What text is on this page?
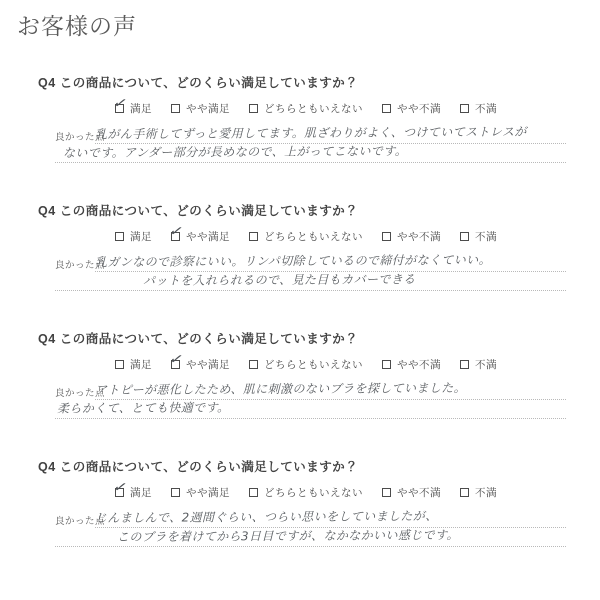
お客様の声
Q4 この商品について、どのくらい満足していますか？
✓ 満足	やや満足	どちらともいえない	やや不満	不満
良かった点
乳がん手術してずっと愛用してます。肌ざわりがよく、つけていてストレスが
ないです。アンダー部分が長めなので、上がってこないです。
Q4 この商品について、どのくらい満足していますか？
満足 ✓ やや満足	どちらともいえない	やや不満	不満
良かった点
乳ガンなので診察にいい。リンパ切除しているので締付がなくていい。
パットを入れられるので、見た目もカバーできる
Q4 この商品について、どのくらい満足していますか？
満足 ✓ やや満足	どちらともいえない	やや不満	不満
良かった点
アトピーが悪化したため、肌に刺激のないブラを探していました。
柔らかくて、とても快適です。
Q4 この商品について、どのくらい満足していますか？
✓ 満足	やや満足	どちらともいえない	やや不満	不満
良かった点
じんましんで、2週間ぐらい、つらい思いをしていましたが、
このブラを着けてから3日目ですが、なかなかいい感じです。
